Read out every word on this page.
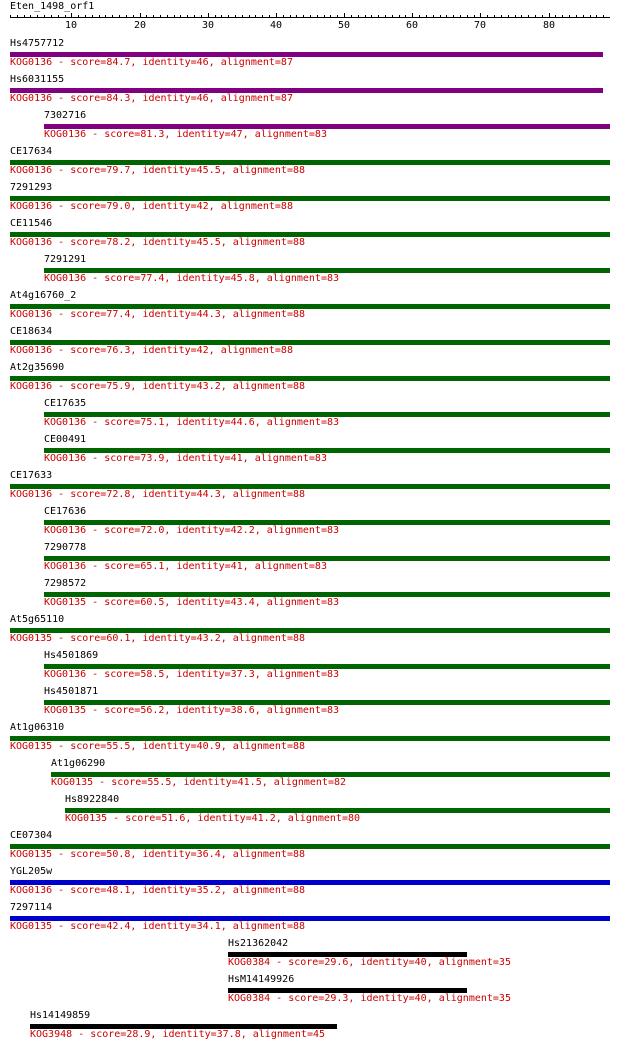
Eten_1498_orf1
10	20	30	40	50	60	70	80
Hs4757712
KOG0136 - score=84.7, identity=46, alignment=87
Hs6031155
KOG0136 - score=84.3, identity=46, alignment=87
7302716
KOG0136 - score=81.3, identity=47, alignment=83
CE17634
KOG0136 - score=79.7, identity=45.5, alignment=88
7291293
KOG0136 - score=79.0, identity=42, alignment=88
CE11546
KOG0136 - score=78.2, identity=45.5, alignment=88
7291291
KOG0136 - score=77.4, identity=45.8, alignment=83
At4g16760_2
KOG0136 - score=77.4, identity=44.3, alignment=88
CE18634
KOG0136 - score=76.3, identity=42, alignment=88
At2g35690
KOG0136 - score=75.9, identity=43.2, alignment=88
CE17635
KOG0136 - score=75.1, identity=44.6, alignment=83
CE00491
KOG0136 - score=73.9, identity=41, alignment=83
CE17633
KOG0136 - score=72.8, identity=44.3, alignment=88
CE17636
KOG0136 - score=72.0, identity=42.2, alignment=83
7290778
KOG0136 - score=65.1, identity=41, alignment=83
7298572
KOG0135 - score=60.5, identity=43.4, alignment=83
At5g65110
KOG0135 - score=60.1, identity=43.2, alignment=88
Hs4501869
KOG0136 - score=58.5, identity=37.3, alignment=83
Hs4501871
KOG0135 - score=56.2, identity=38.6, alignment=83
At1g06310
KOG0135 - score=55.5, identity=40.9, alignment=88
At1g06290
KOG0135 - score=55.5, identity=41.5, alignment=82
Hs8922840
KOG0135 - score=51.6, identity=41.2, alignment=80
CE07304
KOG0135 - score=50.8, identity=36.4, alignment=88
YGL205w
KOG0136 - score=48.1, identity=35.2, alignment=88
7297114
KOG0135 - score=42.4, identity=34.1, alignment=88
Hs21362042
KOG0384 - score=29.6, identity=40, alignment=35
HsM14149926
KOG0384 - score=29.3, identity=40, alignment=35
Hs14149859
KOG3948 - score=28.9, identity=37.8, alignment=45
